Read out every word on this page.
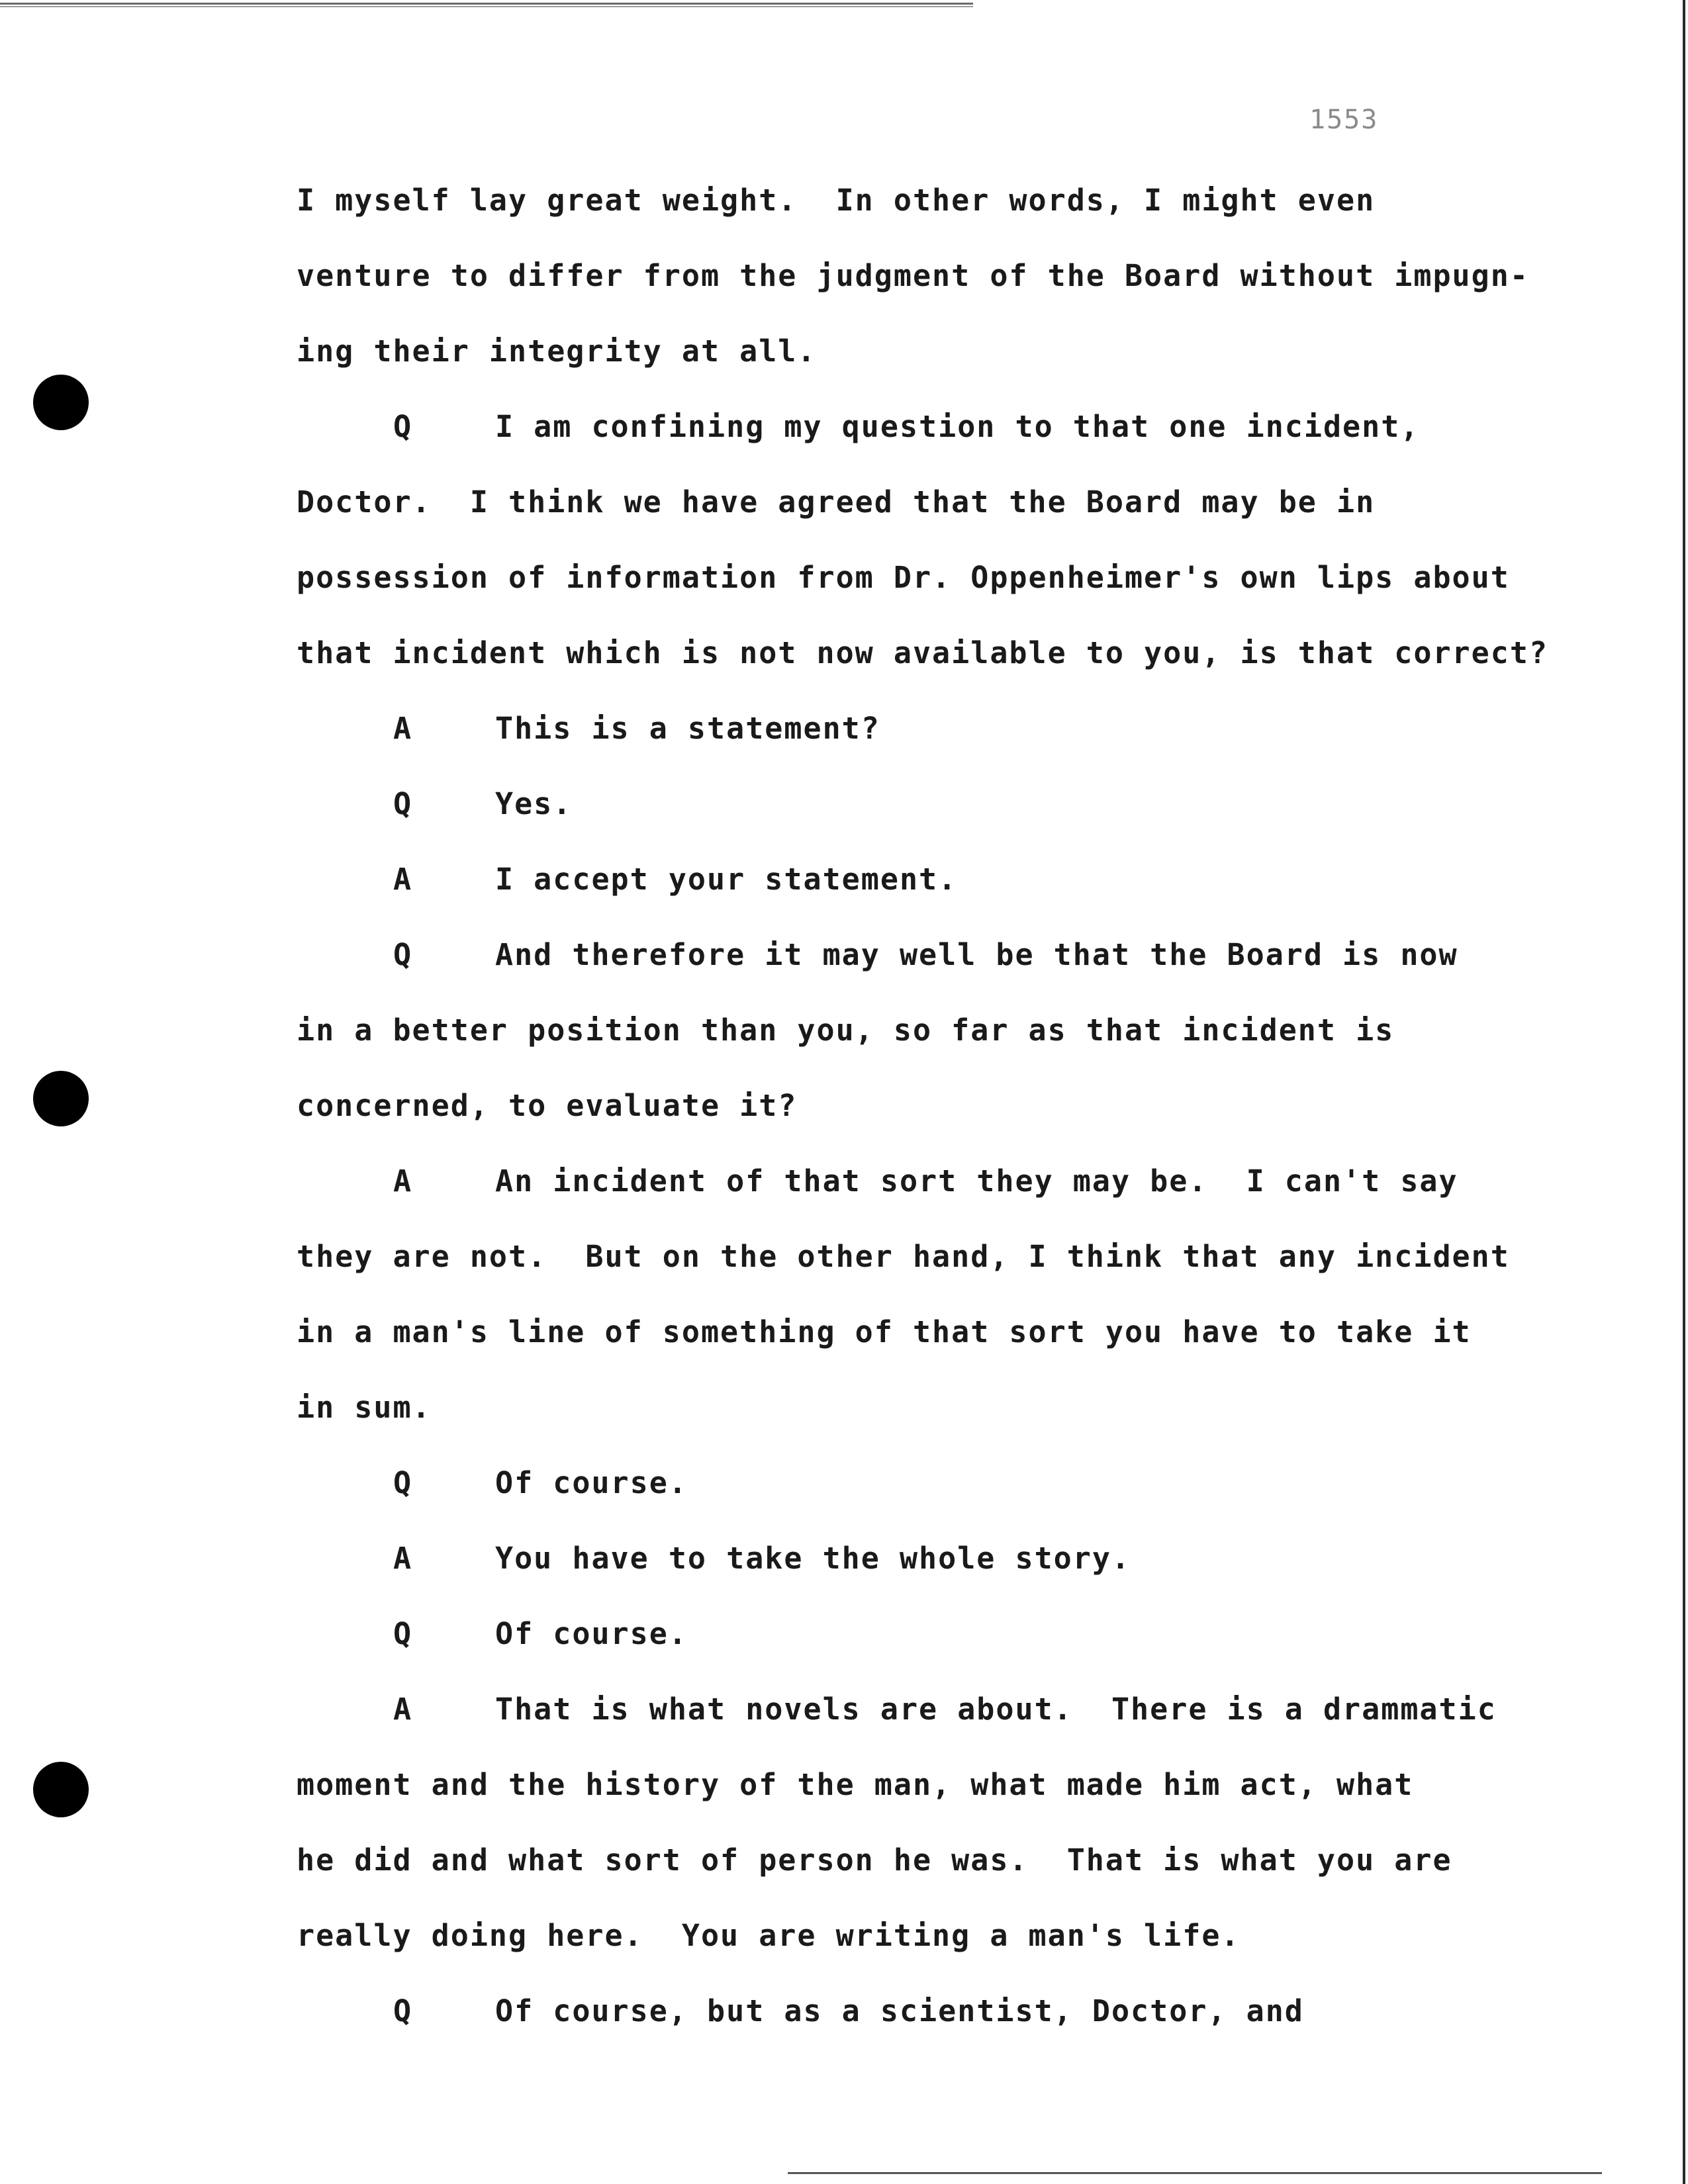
1553
I myself lay great weight.  In other words, I might even
venture to differ from the judgment of the Board without impugn-
ing their integrity at all.
Q	I am confining my question to that one incident,
Doctor.  I think we have agreed that the Board may be in
possession of information from Dr. Oppenheimer's own lips about
that incident which is not now available to you, is that correct?
A	This is a statement?
Q	Yes.
A	I accept your statement.
Q	And therefore it may well be that the Board is now
in a better position than you, so far as that incident is
concerned, to evaluate it?
A	An incident of that sort they may be.  I can't say
they are not.  But on the other hand, I think that any incident
in a man's line of something of that sort you have to take it
in sum.
Q	Of course.
A	You have to take the whole story.
Q	Of course.
A	That is what novels are about.  There is a drammatic
moment and the history of the man, what made him act, what
he did and what sort of person he was.  That is what you are
really doing here.  You are writing a man's life.
Q	Of course, but as a scientist, Doctor, and
